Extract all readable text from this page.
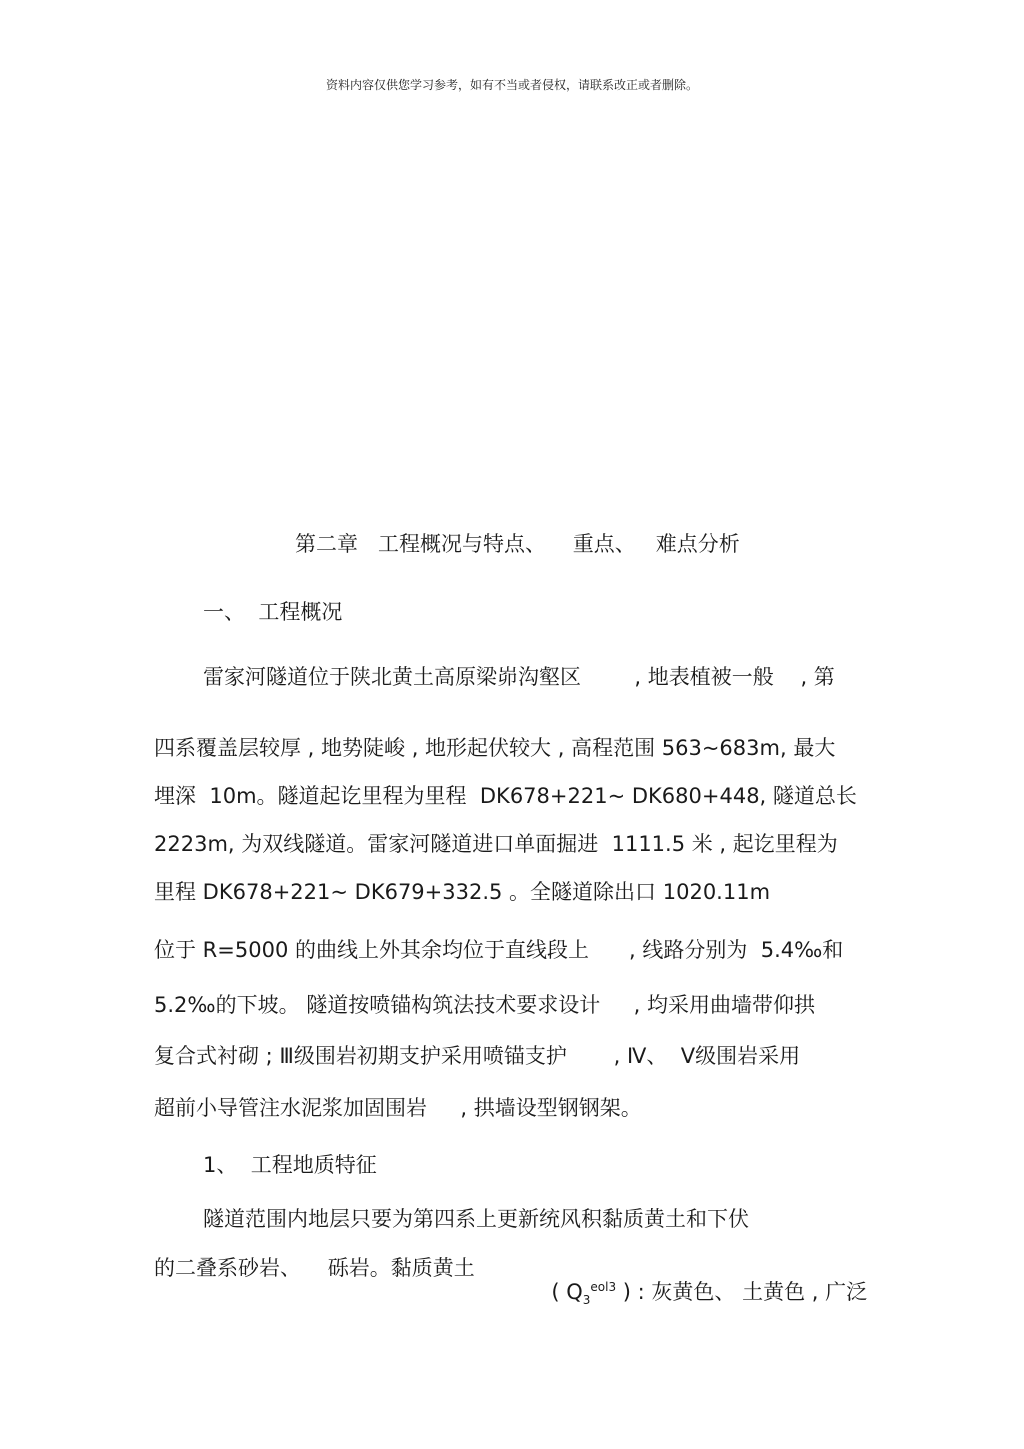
资料内容仅供您学习参考，如有不当或者侵权，请联系改正或者删除。
第二章   工程概况与特点、    重点、   难点分析
一、  工程概况
雷家河隧道位于陕北黄土高原梁峁沟壑区        , 地表植被一般    , 第
四系覆盖层较厚 , 地势陡峻 , 地形起伏较大 , 高程范围 563~683m, 最大
埋深  10m。隧道起讫里程为里程  DK678+221~ DK680+448, 隧道总长
2223m, 为双线隧道。雷家河隧道进口单面掘进  1111.5 米 , 起讫里程为
里程 DK678+221~ DK679+332.5 。全隧道除出口 1020.11m
位于 R=5000 的曲线上外其余均位于直线段上      , 线路分别为  5.4‰和
5.2‰的下坡。 隧道按喷锚构筑法技术要求设计     , 均采用曲墙带仰拱
复合式衬砌 ; Ⅲ级围岩初期支护采用喷锚支护       , Ⅳ、  Ⅴ级围岩采用
超前小导管注水泥浆加固围岩     , 拱墙设型钢钢架。
1、  工程地质特征
隧道范围内地层只要为第四系上更新统风积黏质黄土和下伏
的二叠系砂岩、    砾岩。黏质黄土

( $Q_3^{eol3}$ ) : 灰黄色、 土黄色 , 广泛
